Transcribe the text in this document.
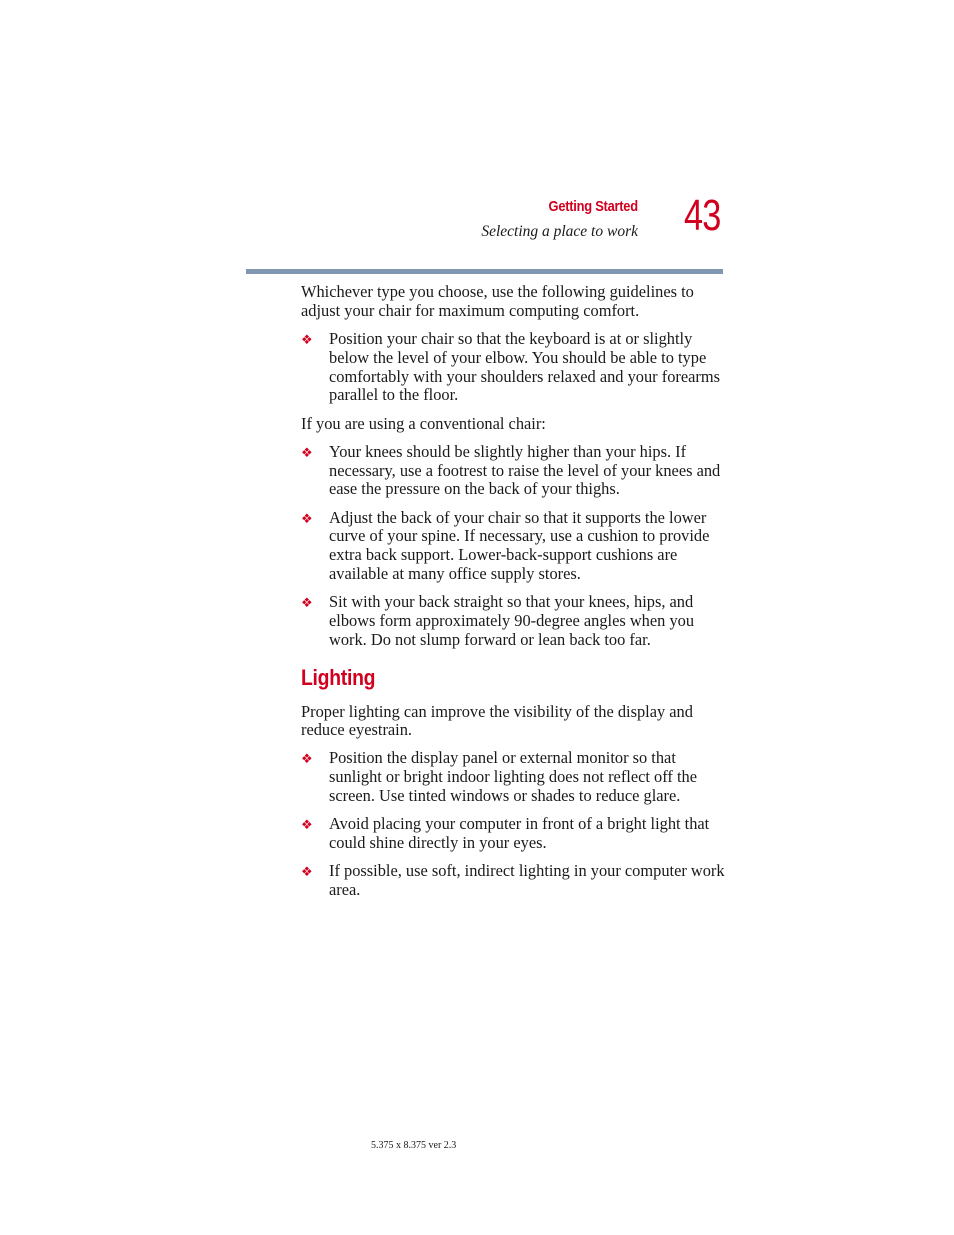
Getting Started
Selecting a place to work 43

Whichever type you choose, use the following guidelines to adjust your chair for maximum computing comfort.

❖ Position your chair so that the keyboard is at or slightly below the level of your elbow. You should be able to type comfortably with your shoulders relaxed and your forearms parallel to the floor.

If you are using a conventional chair:

❖ Your knees should be slightly higher than your hips. If necessary, use a footrest to raise the level of your knees and ease the pressure on the back of your thighs.
❖ Adjust the back of your chair so that it supports the lower curve of your spine. If necessary, use a cushion to provide extra back support. Lower-back-support cushions are available at many office supply stores.
❖ Sit with your back straight so that your knees, hips, and elbows form approximately 90-degree angles when you work. Do not slump forward or lean back too far.
Lighting

Proper lighting can improve the visibility of the display and reduce eyestrain.

❖ Position the display panel or external monitor so that sunlight or bright indoor lighting does not reflect off the screen. Use tinted windows or shades to reduce glare.
❖ Avoid placing your computer in front of a bright light that could shine directly in your eyes.
❖ If possible, use soft, indirect lighting in your computer work area.
5.375 x 8.375 ver 2.3
